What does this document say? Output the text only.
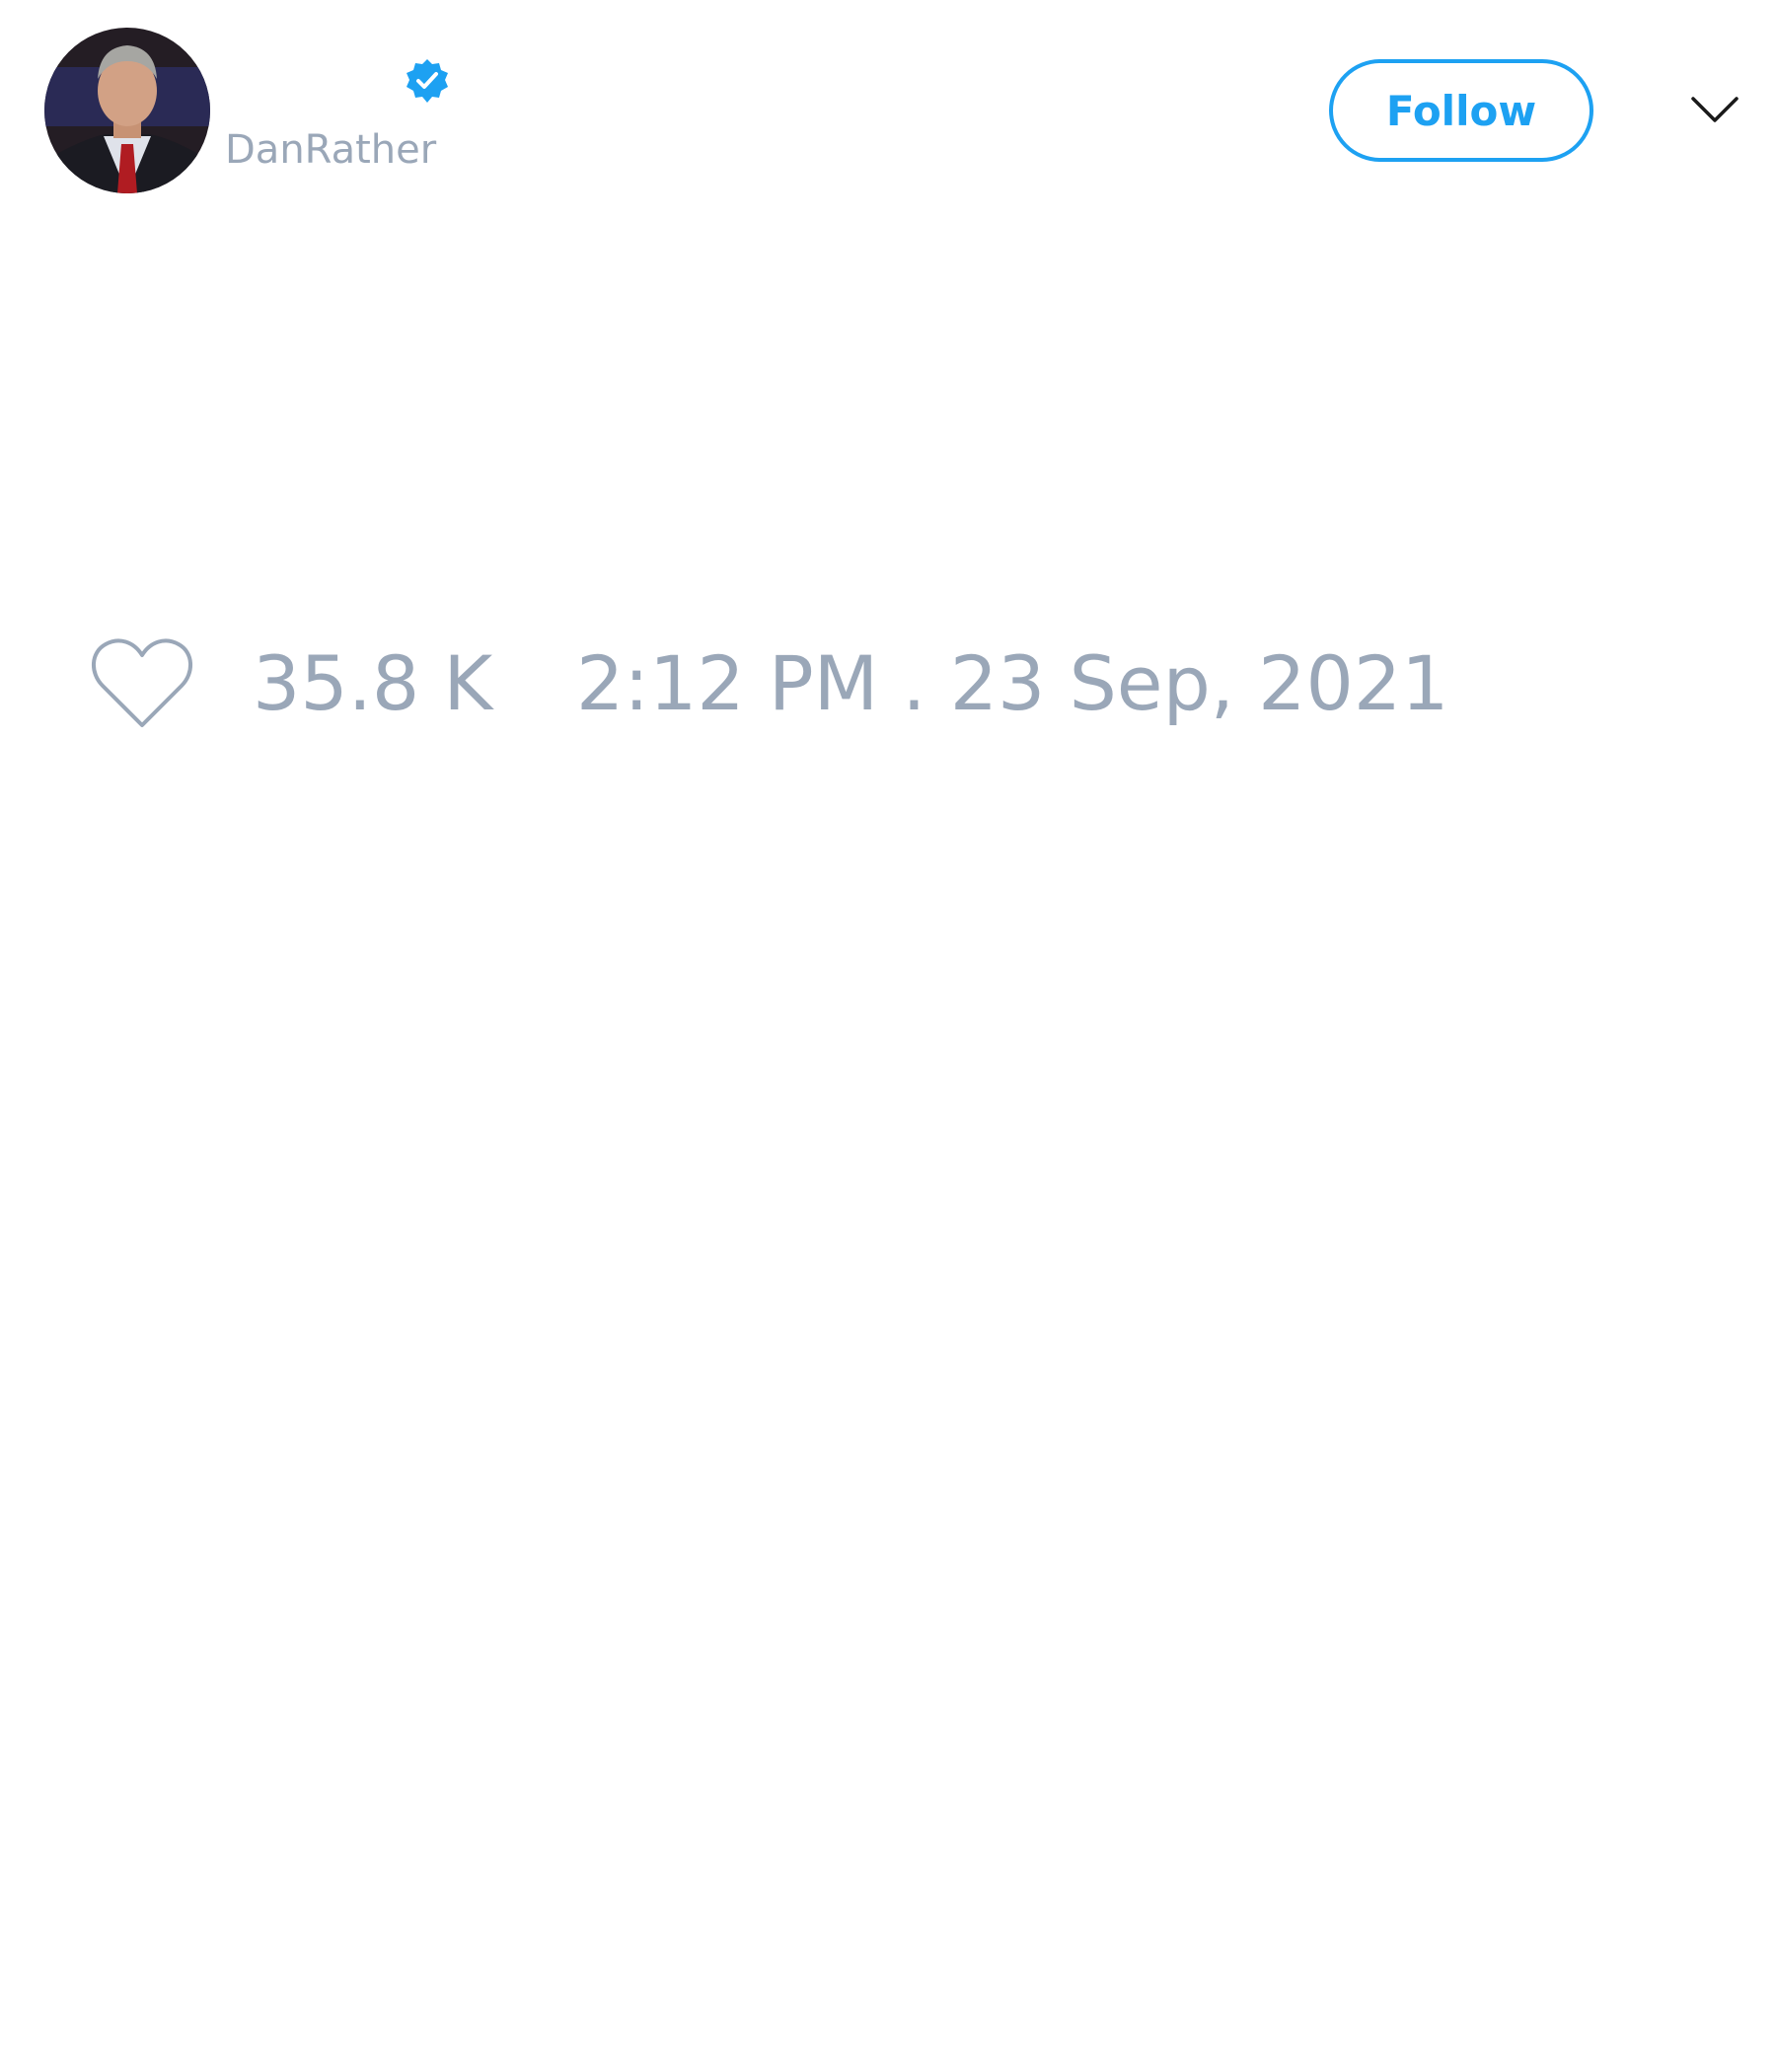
DanRather
Follow
35.8 K 2:12 PM . 23 Sep, 2021
